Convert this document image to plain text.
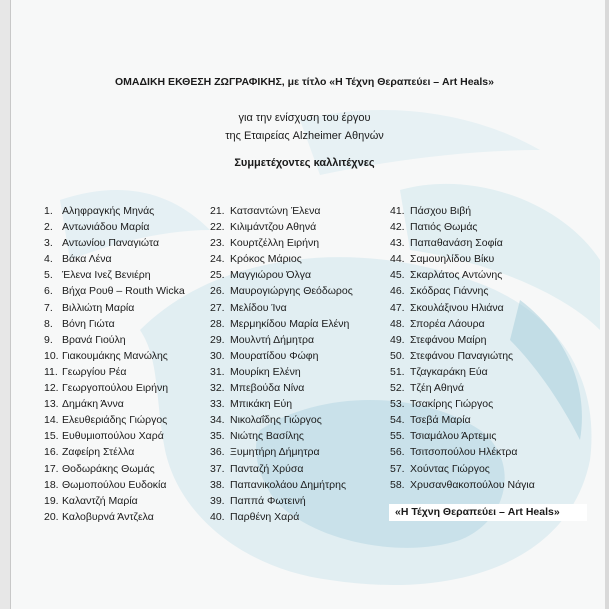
ΟΜΑΔΙΚΗ ΕΚΘΕΣΗ ΖΩΓΡΑΦΙΚΗΣ, με τίτλο «Η Τέχνη Θεραπεύει – Art Heals»
για την ενίσχυση του έργου
της Εταιρείας Alzheimer Αθηνών
Συμμετέχοντες καλλιτέχνες
1. Αληφραγκής Μηνάς
2. Αντωνιάδου Μαρία
3. Αντωνίου Παναγιώτα
4. Βάκα Λένα
5. Έλενα Ινεζ Βενιέρη
6. Βήχα Ρουθ – Routh Wicka
7. Βιλλιώτη Μαρία
8. Βόνη Γιώτα
9. Βρανά Γιούλη
10. Γιακουμάκης Μανώλης
11. Γεωργίου Ρέα
12. Γεωργοπούλου Ειρήνη
13. Δημάκη Άννα
14. Ελευθεριάδης Γιώργος
15. Ευθυμιοπούλου Χαρά
16. Ζαφείρη Στέλλα
17. Θοδωράκης Θωμάς
18. Θωμοπούλου Ευδοκία
19. Καλαντζή Μαρία
20. Καλοβυρνά Άντζελα
21. Κατσαντώνη Έλενα
22. Κιλιμάντζου Αθηνά
23. Κουρτζέλλη Ειρήνη
24. Κρόκος Μάριος
25. Μαγγιώρου Όλγα
26. Μαυρογιώργης Θεόδωρος
27. Μελίδου Ίνα
28. Μερμηκίδου Μαρία Ελένη
29. Μουλντή Δήμητρα
30. Μουρατίδου Φώφη
31. Μουρίκη Ελένη
32. Μπεβούδα Νίνα
33. Μπικάκη Εύη
34. Νικολαΐδης Γιώργος
35. Νιώτης Βασίλης
36. Ξυμητήρη Δήμητρα
37. Πανταζή Χρύσα
38. Παπανικολάου Δημήτρης
39. Παππά Φωτεινή
40. Παρθένη Χαρά
41. Πάσχου Βιβή
42. Πατιός Θωμάς
43. Παπαθανάση Σοφία
44. Σαμουηλίδου Βίκυ
45. Σκαρλάτος Αντώνης
46. Σκόδρας Γιάννης
47. Σκουλάξινου Ηλιάνα
48. Σπορέα Λάουρα
49. Στεφάνου Μαίρη
50. Στεφάνου Παναγιώτης
51. Τζαγκαράκη Εύα
52. Τζέη Αθηνά
53. Τσακίρης Γιώργος
54. Τσεβά Μαρία
55. Τσιαμάλου Άρτεμις
56. Τσιτσοπούλου Ηλέκτρα
57. Χούντας Γιώργος
58. Χρυσανθακοπούλου Νάγια
«Η Τέχνη Θεραπεύει – Art Heals»
